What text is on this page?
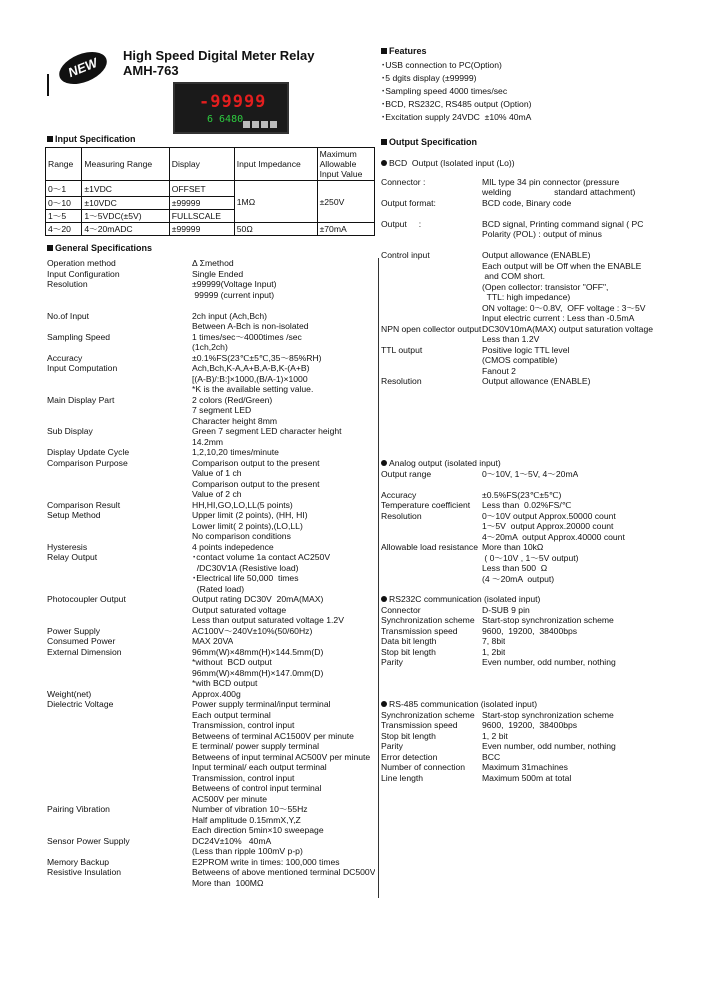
NEW	High Speed Digital Meter Relay
AMH-763
-99999
6 6480
Features
･USB connection to PC(Option)
･5 dgits display (±99999)
･Sampling speed 4000 times/sec
･BCD, RS232C, RS485 output (Option)
･Excitation supply 24VDC  ±10% 40mA
Input Specification
Range	Measuring Range	Display	Input Impedance	Maximum
Allowable
Input Value
0～1	±1VDC	OFFSET	1MΩ	±250V
0～10	±10VDC	±99999		
1～5	1～5VDC(±5V)	FULLSCALE		
4～20	4～20mADC	±99999	50Ω	±70mA
General Specifications
Operation method	Δ Σmethod
Input Configuration	Single Ended
Resolution	±99999(Voltage Input)
99999 (current input)
No.of Input	2ch input (Ach,Bch)
Between A-Bch is non-isolated
Sampling Speed	1 times/sec～4000times /sec
(1ch,2ch)
Accuracy	±0.1%FS(23℃±5℃,35～85%RH)
Input Computation	Ach,Bch,K-A,A+B,A-B,K-(A+B)
[(A-B)/:B:]×1000,(B/A-1)×1000
*K is the available setting value.
Main Display Part	2 colors (Red/Green)
7 segment LED
Character height 8mm
Sub Display	Green 7 segment LED character height
14.2mm
Display Update Cycle	1,2,10,20 times/minute
Comparison Purpose	Comparison output to the present
Value of 1 ch
Comparison output to the present
Value of 2 ch
Comparison Result	HH,HI,GO,LO,LL(5 points)
Setup Method	Upper limit (2 points), (HH, HI)
Lower limit( 2 points),(LO,LL)
No comparison conditions
Hysteresis	4 points indepedence
Relay Output	･contact volume 1a contact AC250V
/DC30V1A (Resistive load)
･Electrical life 50,000  times
(Rated load)
Photocoupler Output	Output rating DC30V  20mA(MAX)
Output saturated voltage
Less than output saturated voltage 1.2V
Power Supply	AC100V～240V±10%(50/60Hz)
Consumed Power	MAX 20VA
External Dimension	96mm(W)×48mm(H)×144.5mm(D)
*without  BCD output
96mm(W)×48mm(H)×147.0mm(D)
*with BCD output
Weight(net)	Approx.400g
Dielectric Voltage	Power supply terminal/input terminal
Each output terminal
Transmission, control input
Betweens of terminal AC1500V per minute
E terminal/ power supply terminal
Betweens of input terminal AC500V per minute
Input terminal/ each output terminal
Transmission, control input
Betweens of control input terminal
AC500V per minute
Pairing Vibration	Number of vibration 10～55Hz
Half amplitude 0.15mmX,Y,Z
Each direction 5min×10 sweepage
Sensor Power Supply	DC24V±10%   40mA
(Less than ripple 100mV p-p)
Memory Backup	E2PROM write in times: 100,000 times
Resistive Insulation	Betweens of above mentioned terminal DC500V
More than  100MΩ
Output Specification
BCD  Output (Isolated input (Lo))
Connector :	MIL type 34 pin connector (pressure
welding                  standard attachment)
Output format:	BCD code, Binary code
Output     :	BCD signal, Printing command signal ( PC
Polarity (POL) : output of minus
Control input	Output allowance (ENABLE)
Each output will be Off when the ENABLE
and COM short.
(Open collector: transistor "OFF",
TTL: high impedance)
ON voltage: 0～0.8V,  OFF voltage : 3～5V
Input electric current : Less than -0.5mA
NPN open collector output DC30V10mA(MAX) output saturation voltage
Less than 1.2V
TTL output	Positive logic TTL level
(CMOS compatible)
Fanout 2
Resolution	Output allowance (ENABLE)
Analog output (isolated input)
Output range	0～10V, 1～5V, 4～20mA
Accuracy	±0.5%FS(23℃±5℃)
Temperature coefficient	Less than  0.02%FS/℃
Resolution	0～10V output Approx.50000 count
1～5V  output Approx.20000 count
4～20mA  output Approx.40000 count
Allowable load resistance More than 10kΩ
( 0～10V , 1～5V output)
Less than 500  Ω
(4 ～20mA  output)
RS232C communication (isolated input)
Connector	D-SUB 9 pin
Synchronization scheme Start-stop synchronization scheme
Transmission speed	9600,  19200,  38400bps
Data bit length	7, 8bit
Stop bit length	1, 2bit
Parity	Even number, odd number, nothing
RS-485 communication (isolated input)
Synchronization scheme Start-stop synchronization scheme
Transmission speed	9600,  19200,  38400bps
Stop bit length	1, 2 bit
Parity	Even number, odd number, nothing
Error detection	BCC
Number of connection	Maximum 31machines
Line length	Maximum 500m at total
